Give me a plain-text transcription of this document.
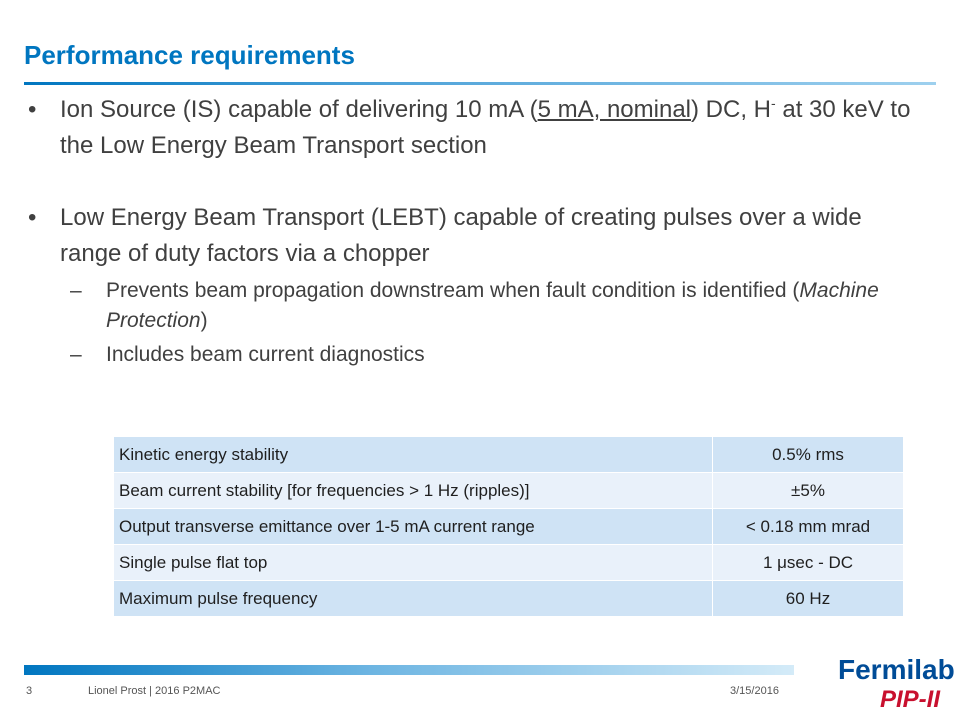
Performance requirements
• Ion Source (IS) capable of delivering 10 mA (5 mA, nominal) DC, H- at 30 keV to the Low Energy Beam Transport section
• Low Energy Beam Transport (LEBT) capable of creating pulses over a wide range of duty factors via a chopper
– Prevents beam propagation downstream when fault condition is identified (Machine Protection)
– Includes beam current diagnostics
Kinetic energy stability	0.5% rms
Beam current stability [for frequencies > 1 Hz (ripples)]	±5%
Output transverse emittance over 1-5 mA current range	< 0.18 mm mrad
Single pulse flat top	1 μsec - DC
Maximum pulse frequency	60 Hz
3	Lionel Prost | 2016 P2MAC	3/15/2016
Fermilab
PIP-II
